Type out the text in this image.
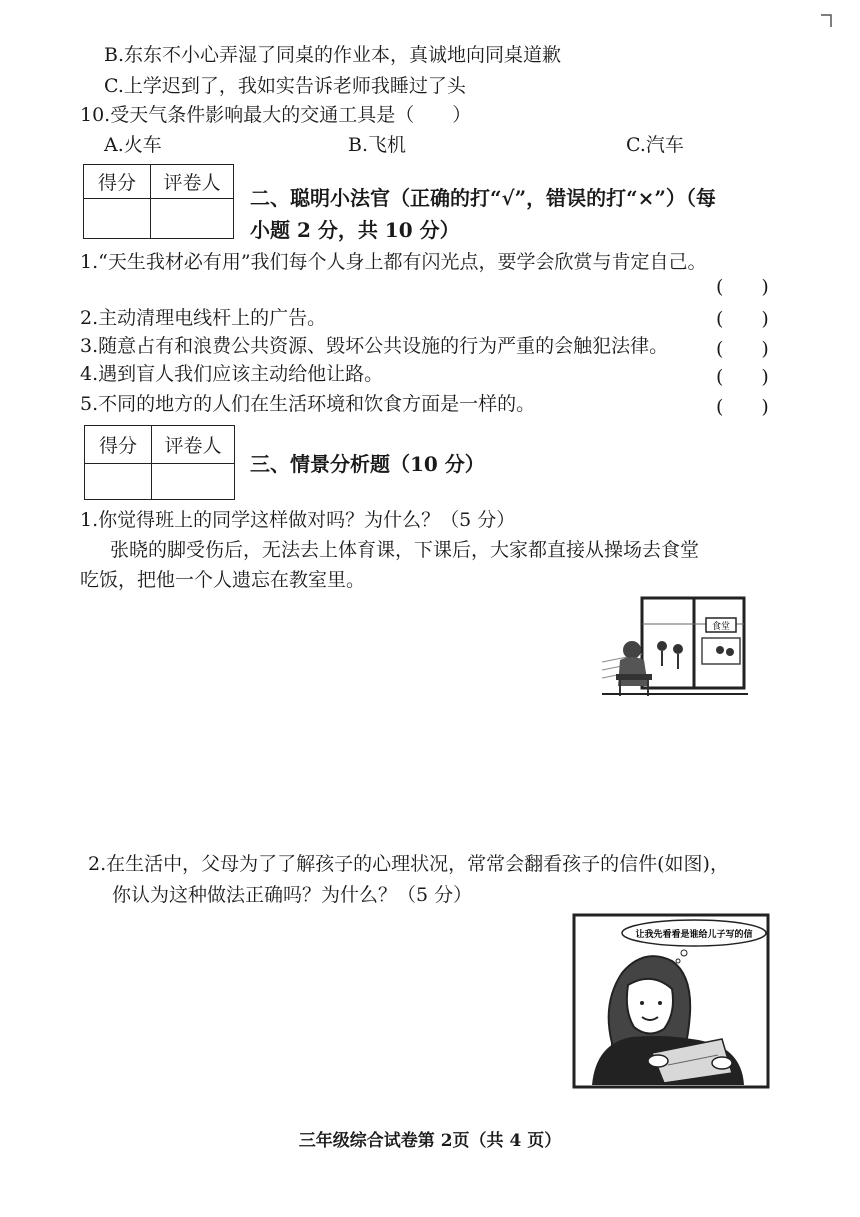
B.东东不小心弄湿了同桌的作业本，真诚地向同桌道歉
C.上学迟到了，我如实告诉老师我睡过了头
10.受天气条件影响最大的交通工具是（　　）
A.火车	B.飞机	C.汽车
得分	评卷人

二、聪明小法官（正确的打“√”，错误的打“×”）（每
小题 2 分，共 10 分）
1.“天生我材必有用”我们每个人身上都有闪光点，要学会欣赏与肯定自己。
(　　)
2.主动清理电线杆上的广告。	(　　)
3.随意占有和浪费公共资源、毁坏公共设施的行为严重的会触犯法律。	(　　)
4.遇到盲人我们应该主动给他让路。	(　　)
5.不同的地方的人们在生活环境和饮食方面是一样的。	(　　)
得分	评卷人

三、情景分析题（10 分）
1.你觉得班上的同学这样做对吗？为什么？（5 分）
张晓的脚受伤后，无法去上体育课，下课后，大家都直接从操场去食堂
吃饭，把他一个人遗忘在教室里。
食堂
2.在生活中，父母为了了解孩子的心理状况，常常会翻看孩子的信件(如图)，
你认为这种做法正确吗？为什么？（5 分）
让我先看看是谁给儿子写的信
三年级综合试卷第 2页（共 4 页）
